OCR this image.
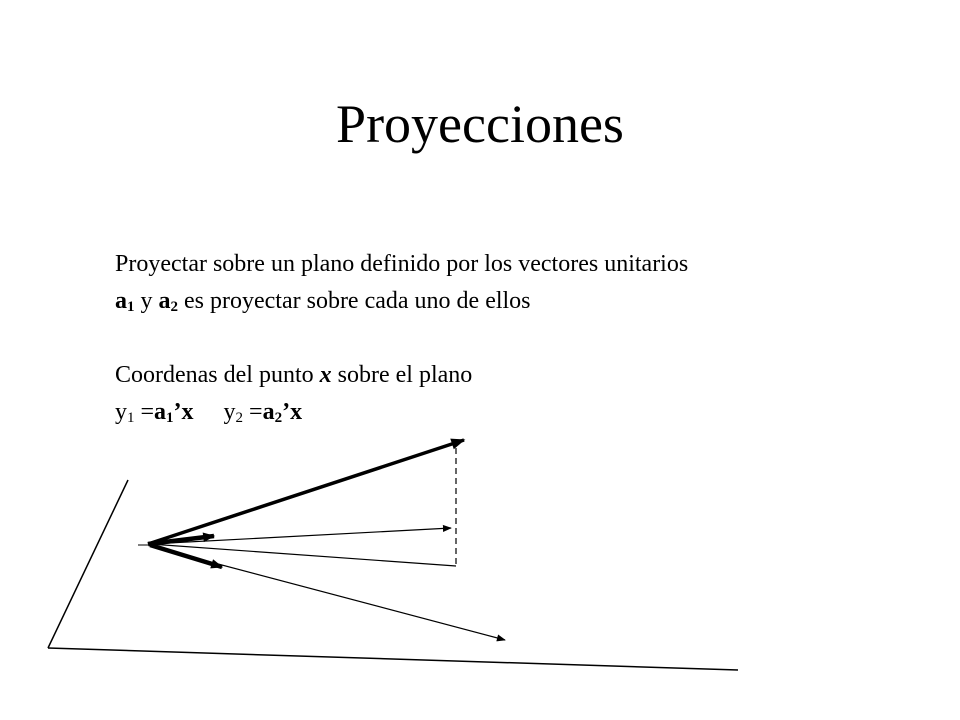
Proyecciones
Proyectar sobre un plano definido por los vectores unitarios
$a_1$ y $a_2$ es proyectar sobre cada uno de ellos
Coordenas del punto x sobre el plano
$y_1$ $=a_1’x$ $y_2$ $=a_2’x$
